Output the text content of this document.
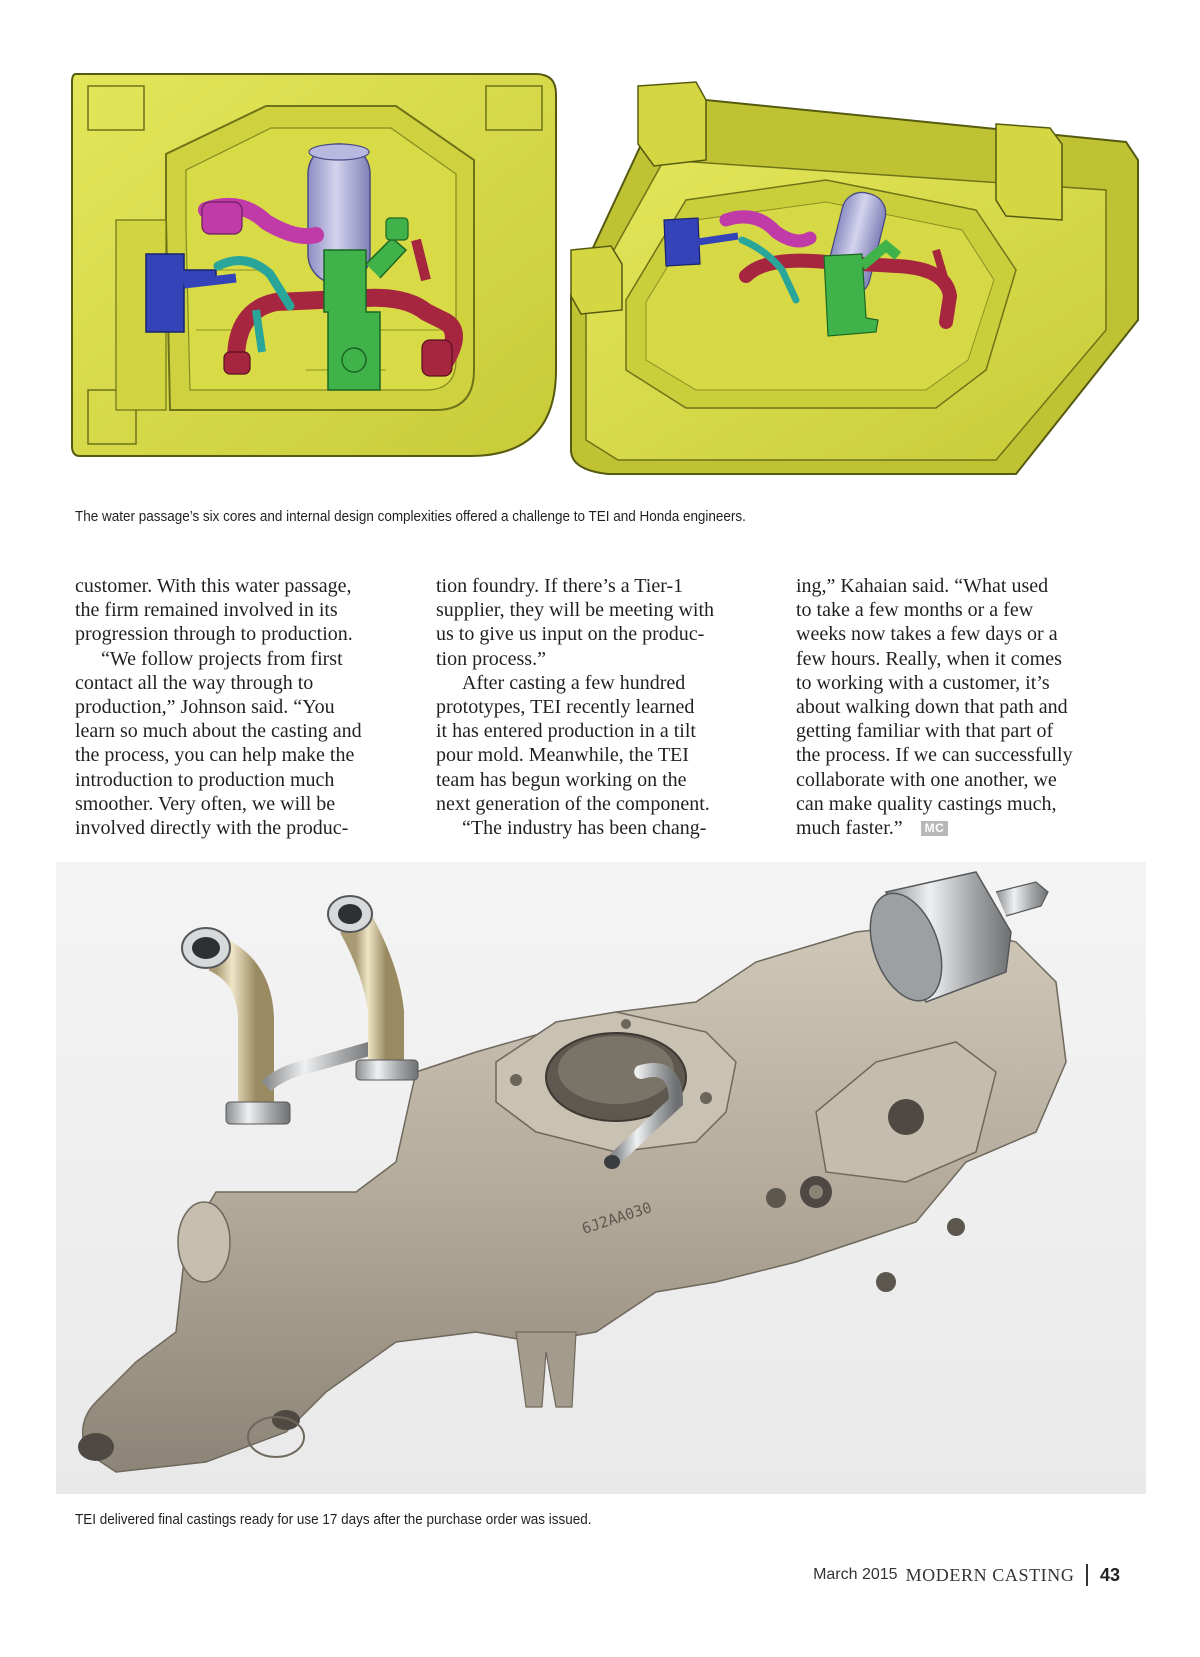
The water passage’s six cores and internal design complexities offered a challenge to TEI and Honda engineers.

customer. With this water passage,

the firm remained involved in its

progression through to production.

“We follow projects from first

contact all the way through to

production,” Johnson said. “You

learn so much about the casting and

the process, you can help make the

introduction to production much

smoother. Very often, we will be

involved directly with the produc-

tion foundry. If there’s a Tier-1

supplier, they will be meeting with

us to give us input on the produc-

tion process.”

After casting a few hundred

prototypes, TEI recently learned

it has entered production in a tilt

pour mold. Meanwhile, the TEI

team has begun working on the

next generation of the component.

“The industry has been chang-

ing,” Kahaian said. “What used

to take a few months or a few

weeks now takes a few days or a

few hours. Really, when it comes

to working with a customer, it’s

about walking down that path and

getting familiar with that part of

the process. If we can successfully

collaborate with one another, we

can make quality castings much,

much faster.” MC

6J2AA030
TEI delivered final castings ready for use 17 days after the purchase order was issued.
March 2015 MODERN CASTING 43
